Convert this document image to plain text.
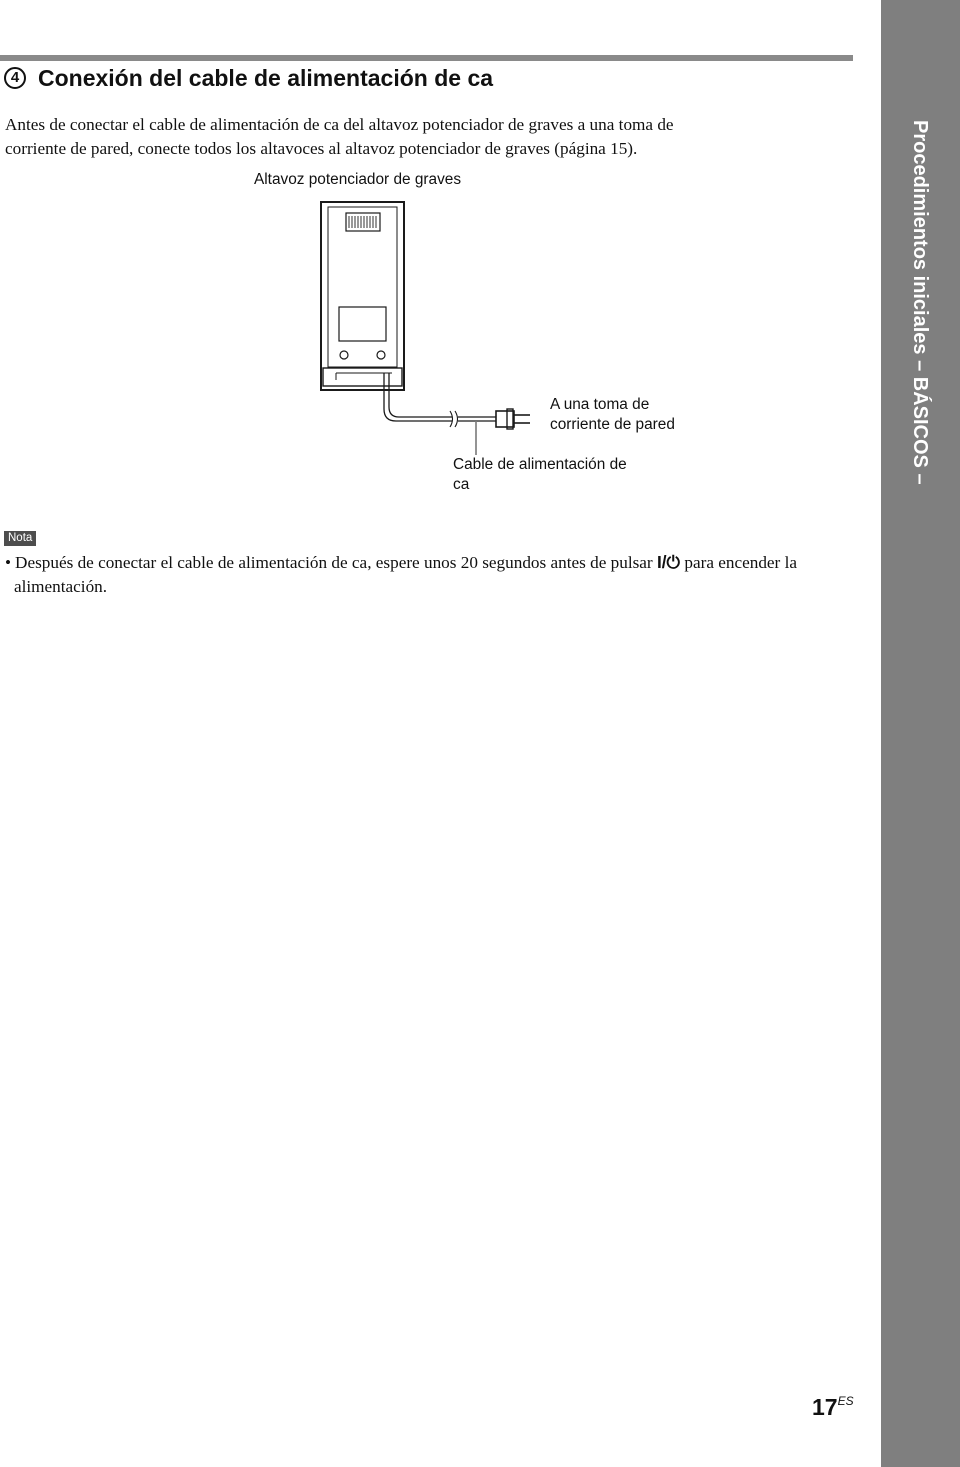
4 Conexión del cable de alimentación de ca

Antes de conectar el cable de alimentación de ca del altavoz potenciador de graves a una toma de
corriente de pared, conecte todos los altavoces al altavoz potenciador de graves (página 15).

Altavoz potenciador de graves

A una toma de
corriente de pared

Cable de alimentación de
ca

Nota

• Después de conectar el cable de alimentación de ca, espere unos 20 segundos antes de pulsar I/⏻ para encender la
alimentación.

Procedimientos iniciales – BÁSICOS –
$17^{ES}$
